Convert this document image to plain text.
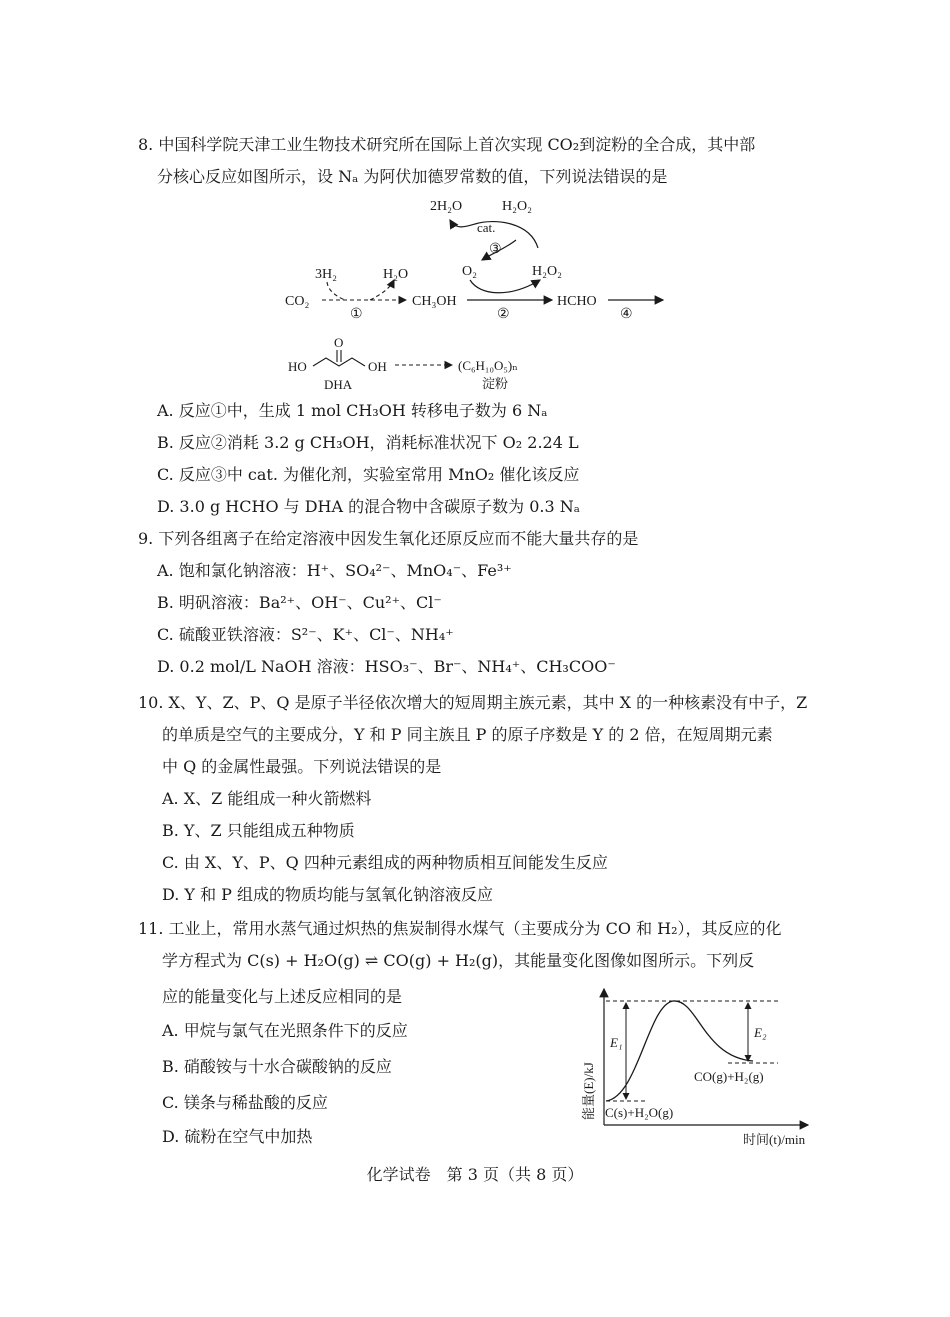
8. 中国科学院天津工业生物技术研究所在国际上首次实现 CO₂到淀粉的全合成，其中部
分核心反应如图所示，设 Nₐ 为阿伏加德罗常数的值，下列说法错误的是
2H₂O	H₂O₂
cat.
③
3H₂	H₂O
CO₂
①
CH₃OH
O₂	H₂O₂
②
HCHO
④
HO
O
OH
DHA
(C₆H₁₀O₅)ₙ
淀粉
A. 反应①中，生成 1 mol CH₃OH 转移电子数为 6 Nₐ
B. 反应②消耗 3.2 g CH₃OH，消耗标准状况下 O₂ 2.24 L
C. 反应③中 cat. 为催化剂，实验室常用 MnO₂ 催化该反应
D. 3.0 g HCHO 与 DHA 的混合物中含碳原子数为 0.3 Nₐ
9. 下列各组离子在给定溶液中因发生氧化还原反应而不能大量共存的是
A. 饱和氯化钠溶液：H⁺、SO₄²⁻、MnO₄⁻、Fe³⁺
B. 明矾溶液：Ba²⁺、OH⁻、Cu²⁺、Cl⁻
C. 硫酸亚铁溶液：S²⁻、K⁺、Cl⁻、NH₄⁺
D. 0.2 mol/L NaOH 溶液：HSO₃⁻、Br⁻、NH₄⁺、CH₃COO⁻
10. X、Y、Z、P、Q 是原子半径依次增大的短周期主族元素，其中 X 的一种核素没有中子，Z
的单质是空气的主要成分，Y 和 P 同主族且 P 的原子序数是 Y 的 2 倍，在短周期元素
中 Q 的金属性最强。下列说法错误的是
A. X、Z 能组成一种火箭燃料
B. Y、Z 只能组成五种物质
C. 由 X、Y、P、Q 四种元素组成的两种物质相互间能发生反应
D. Y 和 P 组成的物质均能与氢氧化钠溶液反应
11. 工业上，常用水蒸气通过炽热的焦炭制得水煤气（主要成分为 CO 和 H₂），其反应的化
学方程式为 C(s) + H₂O(g) ⇌ CO(g) + H₂(g)，其能量变化图像如图所示。下列反
应的能量变化与上述反应相同的是
A. 甲烷与氯气在光照条件下的反应
B. 硝酸铵与十水合碳酸钠的反应
C. 镁条与稀盐酸的反应
D. 硫粉在空气中加热
能量(E)/kJ
时间(t)/min
E₁
E₂
CO(g)+H₂(g)
C(s)+H₂O(g)
化学试卷　第 3 页（共 8 页）
